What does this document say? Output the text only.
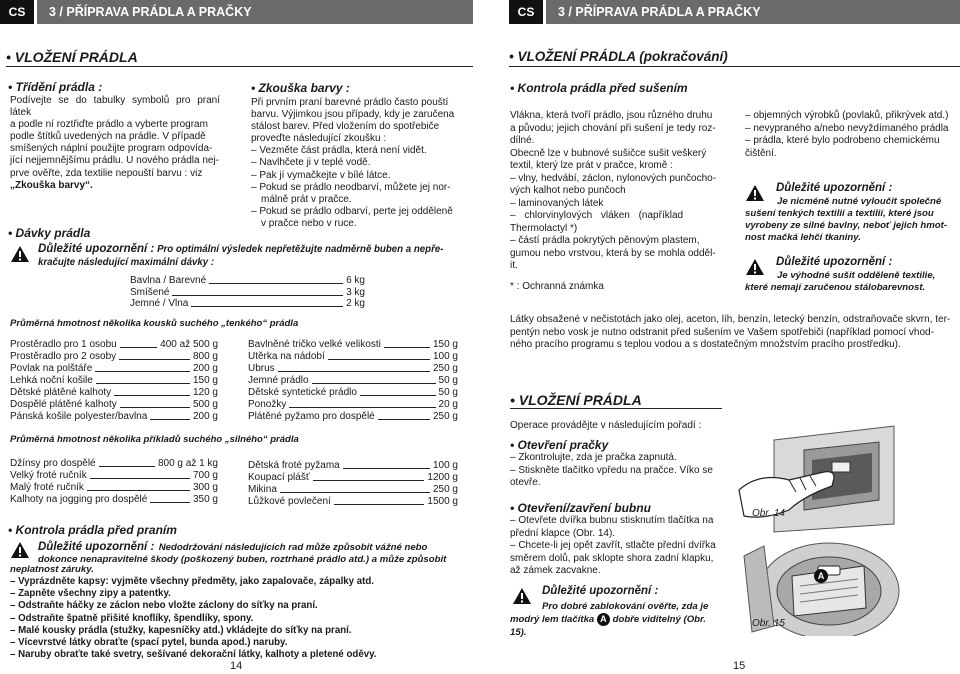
CS	3 / PŘÍPRAVA PRÁDLA A PRAČKY
• VLOŽENÍ PRÁDLA
• Třídění prádla :

Podívejte se do tabulky symbolů pro praní látek

a podle ní roztřiďte prádlo a vyberte program

podle štítků uvedených na prádle. V případě

smíšených náplní použijte program odpovída-

jící nejjemnějšímu prádlu. U nového prádla nej-

prve ověřte, zda textilie nepouští barvu : viz

„Zkouška barvy“.

• Zkouška barvy :

Při prvním praní barevné prádlo často pouští

barvu. Výjimkou jsou případy, kdy je zaručena

stálost barev. Před vložením do spotřebiče

proveďte následující zkoušku :

– Vezměte část prádla, která není vidět.

– Navlhčete ji v teplé vodě.

– Pak jí vymačkejte v bílé látce.

– Pokud se prádlo neodbarví, můžete jej nor-

málně prát v pračce.

– Pokud se prádlo odbarví, perte jej odděleně

v pračce nebo v ruce.

• Dávky prádla
Důležité upozornění : Pro optimální výsledek nepřetěžujte nadměrně buben a nepře-
kračujte následující maximální dávky :
Bavlna / Barevné	6 kg
Smíšené	3 kg
Jemné / Vlna	2 kg
Průměrná hmotnost několika kousků suchého „tenkého“ prádla
Prostěradlo pro 1 osobu	400 až 500 g
Prostěradlo pro 2 osoby	800 g
Povlak na polštáře	200 g
Lehká noční košile	150 g
Dětské plátěné kalhoty	120 g
Dospělé plátěné kalhoty	500 g
Pánská košile polyester/bavlna	200 g
Bavlněné tričko velké velikosti	150 g
Utěrka na nádobí	100 g
Ubrus	250 g
Jemné prádlo	50 g
Dětské syntetické prádlo	50 g
Ponožky	20 g
Plátěné pyžamo pro dospělé	250 g
Průměrná hmotnost několika příkladů suchého „silného“ prádla
Džínsy pro dospělé	800 g až 1 kg
Velký froté ručník	700 g
Malý froté ručník	300 g
Kalhoty na jogging pro dospělé	350 g
Dětská froté pyžama	100 g
Koupací plášť	1200 g
Mikina	250 g
Lůžkové povlečení	1500 g
• Kontrola prádla před praním
Důležité upozornění : Nedodržování následujících rad může způsobit vážné nebo
dokonce nenapravitelné škody (poškozený buben, roztrhané prádlo atd.) a může způsobit
neplatnost záruky.
– Vyprázdněte kapsy: vyjměte všechny předměty, jako zapalovače, zápalky atd.
– Zapněte všechny zipy a patentky.
– Odstraňte háčky ze záclon nebo vložte záclony do síťky na praní.
– Odstraňte špatně přišité knoflíky, špendlíky, spony.
– Malé kousky prádla (stužky, kapesníčky atd.) vkládejte do síťky na praní.
– Vícevrstvé látky obraťte (spací pytel, bunda apod.) naruby.
– Naruby obraťte také svetry, sešívané dekorační látky, kalhoty a pletené oděvy.
14
CS	3 / PŘÍPRAVA PRÁDLA A PRAČKY
• VLOŽENÍ PRÁDLA (pokračování)
• Kontrola prádla před sušením
Vlákna, která tvoří prádlo, jsou různého druhu
a původu; jejich chování při sušení je tedy roz-
dílné.
Obecně lze v bubnové sušičce sušit veškerý
textil, který lze prát v pračce, kromě :
– vlny, hedvábí, záclon, nylonových punčocho-
vých kalhot nebo punčoch
– laminovaných látek
– chlorvinylových vláken (například
Thermolactyl *)
– částí prádla pokrytých pěnovým plastem,
gumou nebo vrstvou, která by se mohla odděl-
it.
* : Ochranná známka
– objemných výrobků (povlaků, přikrývek atd.)
– nevypraného a/nebo nevyždímaného prádla
– prádla, které bylo podrobeno chemickému
čištění.
Důležité upozornění :
Je nicméně nutné vyloučit společné
sušení tenkých textilií a textilií, které jsou
vyrobeny ze silné bavlny, neboť jejich hmot-
nost mačká lehčí tkaniny.
Důležité upozornění :
Je výhodné sušit odděleně textilie,
které nemají zaručenou stálobarevnost.
Látky obsažené v nečistotách jako olej, aceton, líh, benzín, letecký benzín, odstraňovače skvrn, ter-
pentýn nebo vosk je nutno odstranit před sušením ve Vašem spotřebiči (například pomocí vhod-
ného pracího programu s teplou vodou a s dostatečným množstvím pracího prostředku).
• VLOŽENÍ PRÁDLA
Operace provádějte v následujícím pořadí :
• Otevření pračky
– Zkontrolujte, zda je pračka zapnutá.
– Stiskněte tlačítko vpředu na pračce. Víko se
otevře.
• Otevření/zavření bubnu
– Otevřete dvířka bubnu stisknutím tlačítka na
přední klapce (Obr. 14).
– Chcete-li jej opět zavřít, stlačte přední dvířka
směrem dolů, pak sklopte shora zadní klapku,
až zámek zacvakne.
Důležité upozornění :
Pro dobré zablokování ověřte, zda je
modrý lem tlačítka A dobře viditelný (Obr.
15).
Obr. 14
A
Obr. 15
15
